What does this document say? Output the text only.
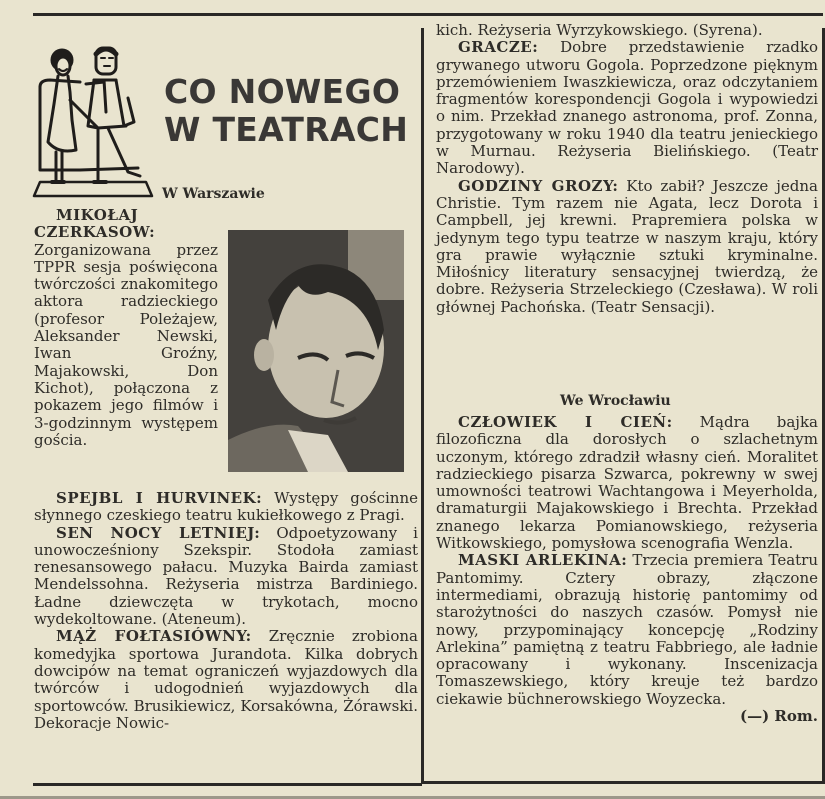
CO NOWEGO
W TEATRACH
W Warszawie

MIKOŁAJ CZERKASOW: Zorganizowana przez TPPR sesja poświęcona twórczości znakomitego aktora radzieckiego (profesor Poleżajew, Aleksander Newski, Iwan Groźny, Majakowski, Don Kichot), połączona z pokazem jego filmów i 3-godzinnym występem gościa.

SPEJBL I HURVINEK: Występy gościnne słynnego czeskiego teatru kukiełkowego z Pragi.

SEN NOCY LETNIEJ: Odpoetyzowany i unowocześniony Szekspir. Stodoła zamiast renesansowego pałacu. Muzyka Bairda zamiast Mendelssohna. Reżyseria mistrza Bardiniego. Ładne dziewczęta w trykotach, mocno wydekoltowane. (Ateneum).

MĄŻ FOŁTASIÓWNY: Zręcznie zrobiona komedyjka sportowa Jurandota. Kilka dobrych dowcipów na temat ograniczeń wyjazdowych dla twórców i udogodnień wyjazdowych dla sportowców. Brusikiewicz, Korsakówna, Żórawski. Dekoracje Nowic-

kich. Reżyseria Wyrzykowskiego. (Syrena).

GRACZE: Dobre przedstawienie rzadko grywanego utworu Gogola. Poprzedzone pięknym przemówieniem Iwaszkiewicza, oraz odczytaniem fragmentów korespondencji Gogola i wypowiedzi o nim. Przekład znanego astronoma, prof. Zonna, przygotowany w roku 1940 dla teatru jenieckiego w Murnau. Reżyseria Bielińskiego. (Teatr Narodowy).

GODZINY GROZY: Kto zabił? Jeszcze jedna Christie. Tym razem nie Agata, lecz Dorota i Campbell, jej krewni. Prapremiera polska w jedynym tego typu teatrze w naszym kraju, który gra prawie wyłącznie sztuki kryminalne. Miłośnicy literatury sensacyjnej twierdzą, że dobre. Reżyseria Strzeleckiego (Czesława). W roli głównej Pachońska. (Teatr Sensacji).

We Wrocławiu

CZŁOWIEK I CIEŃ: Mądra bajka filozoficzna dla dorosłych o szlachetnym uczonym, którego zdradził własny cień. Moralitet radzieckiego pisarza Szwarca, pokrewny w swej umowności teatrowi Wachtangowa i Meyerholda, dramaturgii Majakowskiego i Brechta. Przekład znanego lekarza Pomianowskiego, reżyseria Witkowskiego, pomysłowa scenografia Wenzla.

MASKI ARLEKINA: Trzecia premiera Teatru Pantomimy. Cztery obrazy, złączone intermediami, obrazują historię pantomimy od starożytności do naszych czasów. Pomysł nie nowy, przypominający koncepcję „Rodziny Arlekina” pamiętną z teatru Fabbriego, ale ładnie opracowany i wykonany. Inscenizacja Tomaszewskiego, który kreuje też bardzo ciekawie büchnerowskiego Woyzecka.
(—) Rom.
